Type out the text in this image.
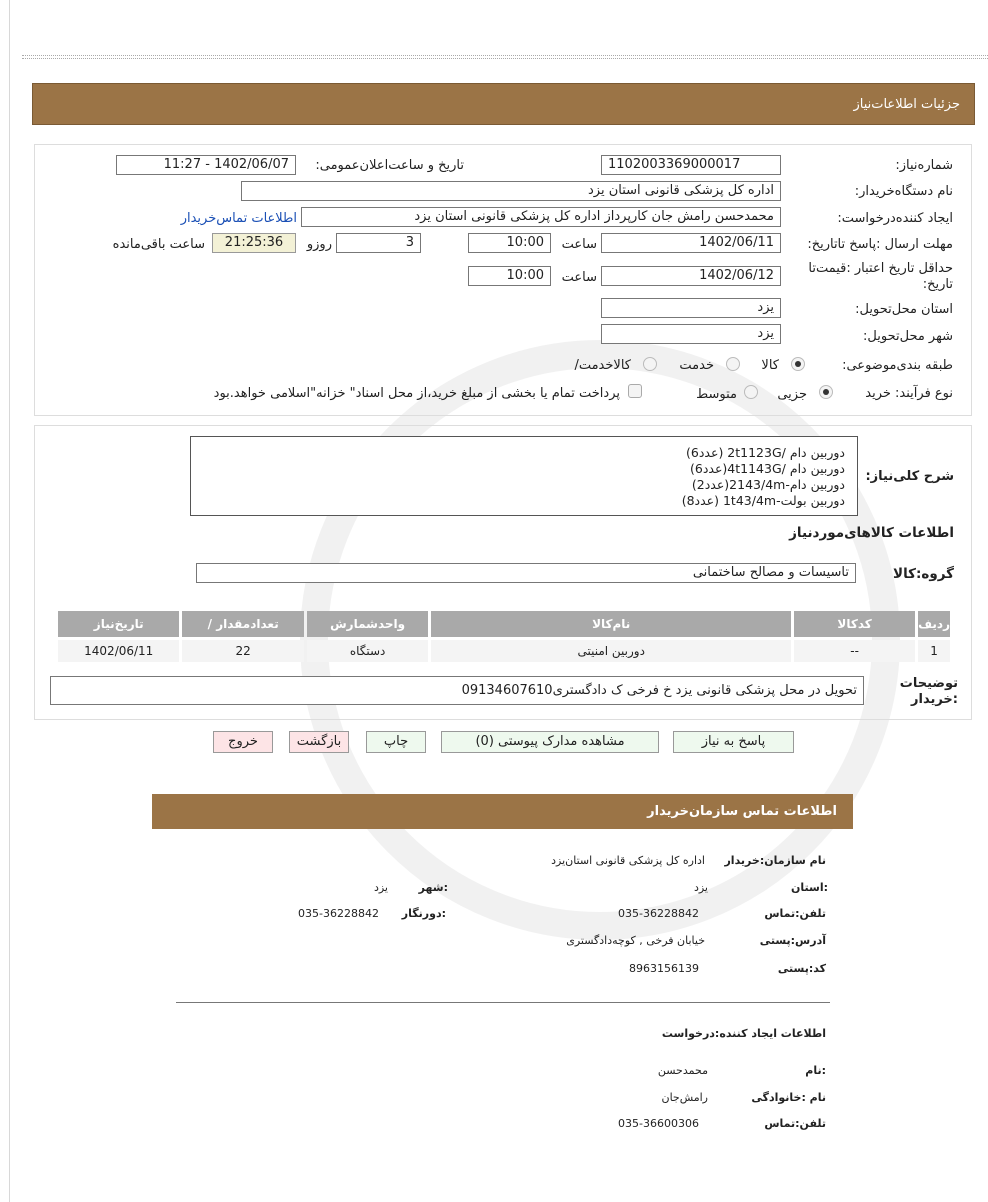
جزئیات اطلاعات‌نیاز
شماره‌نیاز:
1102003369000017
تاریخ و ساعت‌اعلان‌عمومی:
1402/06/07 - 11:27
نام دستگاه‌خریدار:
اداره کل پزشکی قانونی استان یزد
ایجاد کننده‌درخواست:
محمدحسن رامش جان کارپرداز اداره کل پزشکی قانونی استان یزد
اطلاعات تماس‌خریدار
مهلت ارسال :پاسخ تا‌تاریخ:
1402/06/11
ساعت
10:00
3
روزو
21:25:36
ساعت باقی‌مانده
حداقل تاریخ اعتبار :قیمت‌تا تاریخ:
1402/06/12
ساعت
10:00
استان محل‌تحویل:
یزد
شهر محل‌تحویل:
یزد
طبقه بندی‌موضوعی:
کالا
خدمت
کالا‌خدمت/
نوع فرآیند: خرید
جزیی
متوسط
پرداخت تمام یا بخشی از مبلغ خرید،از محل اسناد" خزانه"اسلامی خواهد.بود
شرح کلی‌نیاز:
دوربین دام /2t1123G (عدد6)
دوربین دام /4t1143G(عدد6)
دوربین دام-2143/4m(عدد2)
دوربین بولت-1t43/4m (عدد8)
اطلاعات کالاهای‌موردنیاز
گروه:کالا
تاسیسات و مصالح ساختمانی
ردیف	کدکالا	نام‌کالا	واحدشمارش	تعدادمقدار /	تاریخ‌نیاز
1	--	دوربین امنیتی	دستگاه	22	1402/06/11
توضیحات :خریدار
تحویل در محل پزشکی قانونی یزد خ فرخی ک دادگستری09134607610
پاسخ به نیاز
مشاهده مدارک پیوستی (0)
چاپ
بازگشت
خروج
اطلاعات تماس سازمان‌خریدار
نام سازمان:خریدار
اداره کل پزشکی قانونی استان‌یزد
:استان
یزد
:شهر
یزد
تلفن:تماس
035-36228842
:دورنگار
035-36228842
آدرس:پستی
خیابان فرخی , کوچه‌دادگستری
کد:پستی
8963156139
اطلاعات ایجاد کننده:درخواست
:نام
محمدحسن
نام :خانوادگی
رامش‌جان
تلفن:تماس
035-36600306
